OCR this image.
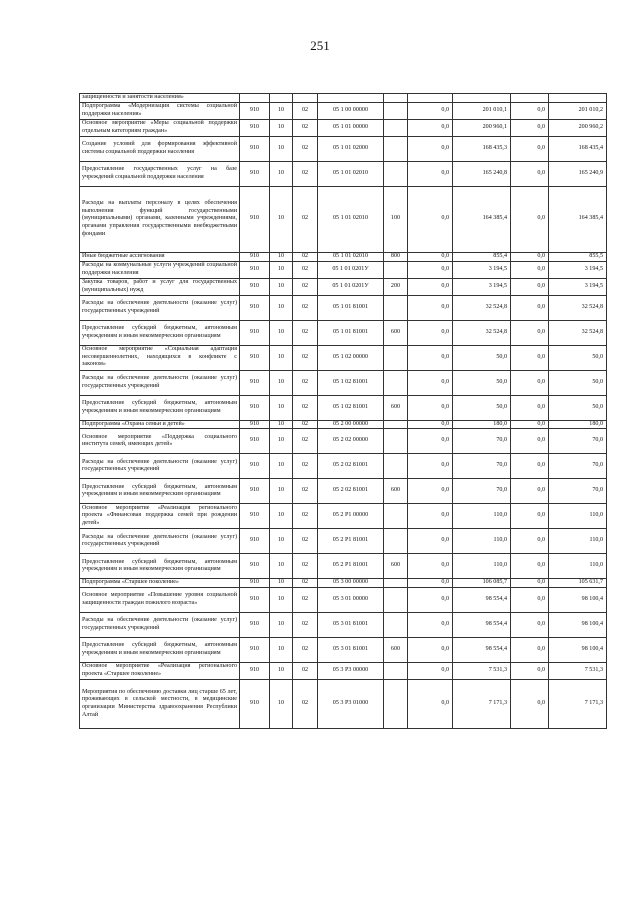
251
защищенности и занятости населения»									
Подпрограмма «Модернизация системы социальной поддержки населения»	910	10	02	05 1 00 00000		0,0	201 010,1	0,0	201 010,2
Основное мероприятие «Меры социальной поддержки отдельным категориям граждан»	910	10	02	05 1 01 00000		0,0	200 960,1	0,0	200 960,2
Создание условий для формирования эффективной системы социальной поддержки населения	910	10	02	05 1 01 02000		0,0	168 435,3	0,0	168 435,4
Предоставление государственных услуг на базе учреждений социальной поддержки населения	910	10	02	05 1 01 02010		0,0	165 240,8	0,0	165 240,9
Расходы на выплаты персоналу в целях обеспечения выполнения функций государственными (муниципальными) органами, казенными учреждениями, органами управления государственными внебюджетными фондами	910	10	02	05 1 01 02010	100	0,0	164 385,4	0,0	164 385,4
Иные бюджетные ассигнования	910	10	02	05 1 01 02010	800	0,0	855,4	0,0	855,5
Расходы на коммунальные услуги учреждений социальной поддержки населения	910	10	02	05 1 01 0201У		0,0	3 194,5	0,0	3 194,5
Закупка товаров, работ и услуг для государственных (муниципальных) нужд	910	10	02	05 1 01 0201У	200	0,0	3 194,5	0,0	3 194,5
Расходы на обеспечение деятельности (оказание услуг) государственных учреждений	910	10	02	05 1 01 81001		0,0	32 524,8	0,0	32 524,8
Предоставление субсидий бюджетным, автономным учреждениям и иным некоммерческим организациям	910	10	02	05 1 01 81001	600	0,0	32 524,8	0,0	32 524,8
Основное мероприятие «Социальная адаптация несовершеннолетних, находящихся в конфликте с законом»	910	10	02	05 1 02 00000		0,0	50,0	0,0	50,0
Расходы на обеспечение деятельности (оказание услуг) государственных учреждений	910	10	02	05 1 02 81001		0,0	50,0	0,0	50,0
Предоставление субсидий бюджетным, автономным учреждениям и иным некоммерческим организациям	910	10	02	05 1 02 81001	600	0,0	50,0	0,0	50,0
Подпрограмма «Охрана семьи и детей»	910	10	02	05 2 00 00000		0,0	180,0	0,0	180,0
Основное мероприятие «Поддержка социального института семей, имеющих детей»	910	10	02	05 2 02 00000		0,0	70,0	0,0	70,0
Расходы на обеспечение деятельности (оказание услуг) государственных учреждений	910	10	02	05 2 02 81001		0,0	70,0	0,0	70,0
Предоставление субсидий бюджетным, автономным учреждениям и иным некоммерческим организациям	910	10	02	05 2 02 81001	600	0,0	70,0	0,0	70,0
Основное мероприятие «Реализация регионального проекта «Финансовая поддержка семей при рождении детей»	910	10	02	05 2 P1 00000		0,0	110,0	0,0	110,0
Расходы на обеспечение деятельности (оказание услуг) государственных учреждений	910	10	02	05 2 P1 81001		0,0	110,0	0,0	110,0
Предоставление субсидий бюджетным, автономным учреждениям и иным некоммерческим организациям	910	10	02	05 2 P1 81001	600	0,0	110,0	0,0	110,0
Подпрограмма «Старшее поколение»	910	10	02	05 3 00 00000		0,0	106 085,7	0,0	105 631,7
Основное мероприятие «Повышение уровня социальной защищенности граждан пожилого возраста»	910	10	02	05 3 01 00000		0,0	98 554,4	0,0	98 100,4
Расходы на обеспечение деятельности (оказание услуг) государственных учреждений	910	10	02	05 3 01 81001		0,0	98 554,4	0,0	98 100,4
Предоставление субсидий бюджетным, автономным учреждениям и иным некоммерческим организациям	910	10	02	05 3 01 81001	600	0,0	98 554,4	0,0	98 100,4
Основное мероприятие «Реализация регионального проекта «Старшее поколение»	910	10	02	05 3 P3 00000		0,0	7 531,3	0,0	7 531,3
Мероприятия по обеспечению доставки лиц старше 65 лет, проживающих в сельской местности, в медицинские организации Министерства здравоохранения Республики Алтай	910	10	02	05 3 P3 01000		0,0	7 171,3	0,0	7 171,3
